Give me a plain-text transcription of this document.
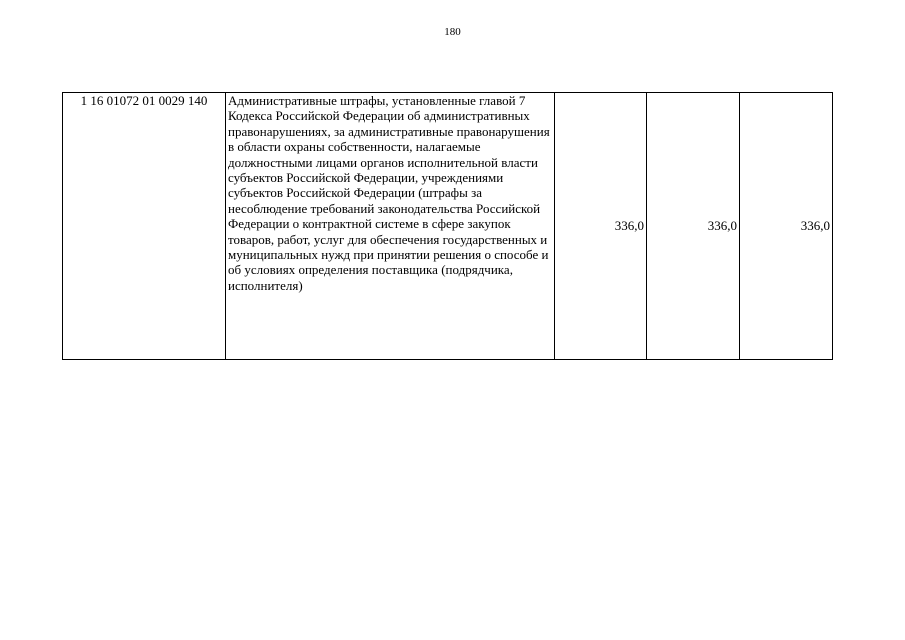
180
1 16 01072 01 0029 140	Административные штрафы, установленные главой 7 Кодекса Российской Федерации об административных правонарушениях, за административные правонарушения в области охраны собственности, налагаемые должностными лицами органов исполнительной власти субъектов Российской Федерации, учреждениями субъектов Российской Федерации (штрафы за несоблюдение требований законодательства Российской Федерации о контрактной системе в сфере закупок товаров, работ, услуг для обеспечения государственных и муниципальных нужд при принятии решения о способе и об условиях определения поставщика (подрядчика, исполнителя)	336,0	336,0	336,0
